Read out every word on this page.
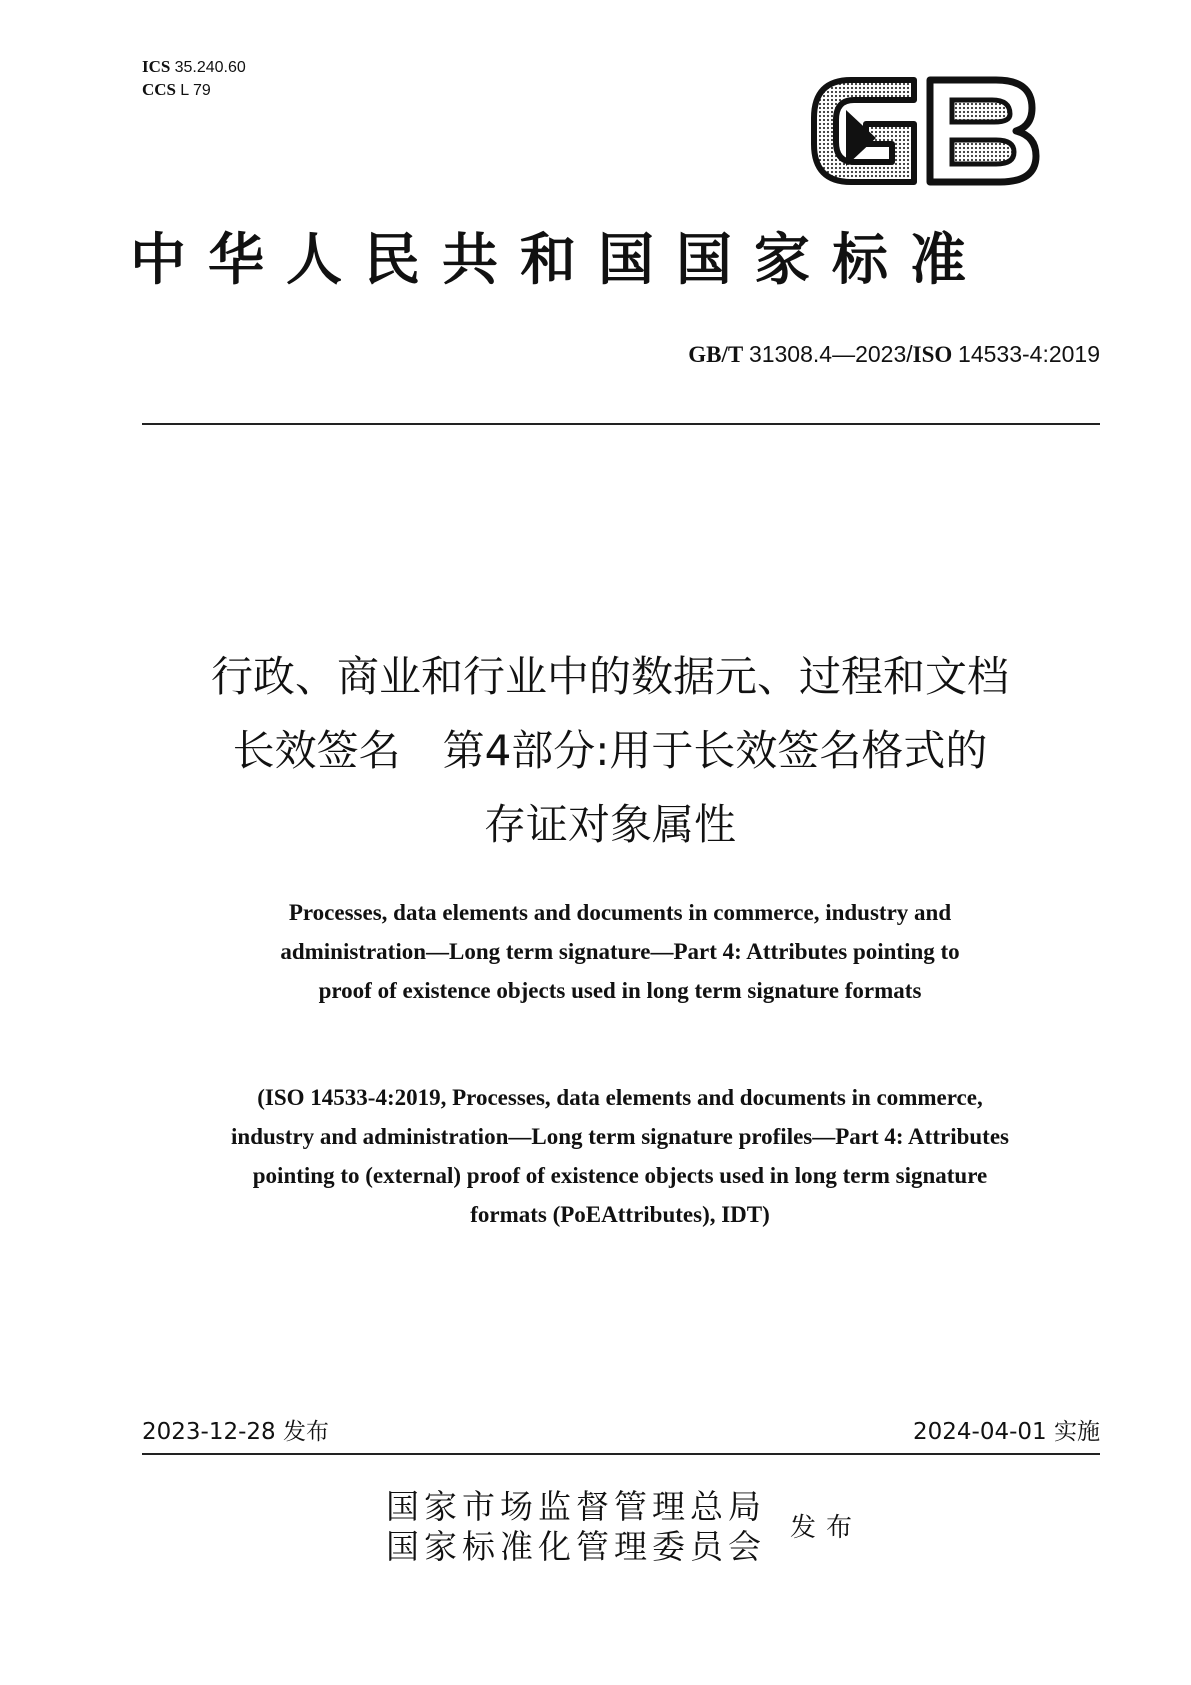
ICS 35.240.60
CCS L 79
GB
中华人民共和国国家标准
GB/T 31308.4—2023/ISO 14533-4:2019
行政、商业和行业中的数据元、过程和文档
长效签名　第4部分:用于长效签名格式的
存证对象属性
Processes, data elements and documents in commerce, industry and
administration—Long term signature—Part 4: Attributes pointing to
proof of existence objects used in long term signature formats
(ISO 14533-4:2019, Processes, data elements and documents in commerce,
industry and administration—Long term signature profiles—Part 4: Attributes
pointing to (external) proof of existence objects used in long term signature
formats (PoEAttributes), IDT)
2023-12-28 发布	2024-04-01 实施
国家市场监督管理总局
国家标准化管理委员会 发布
